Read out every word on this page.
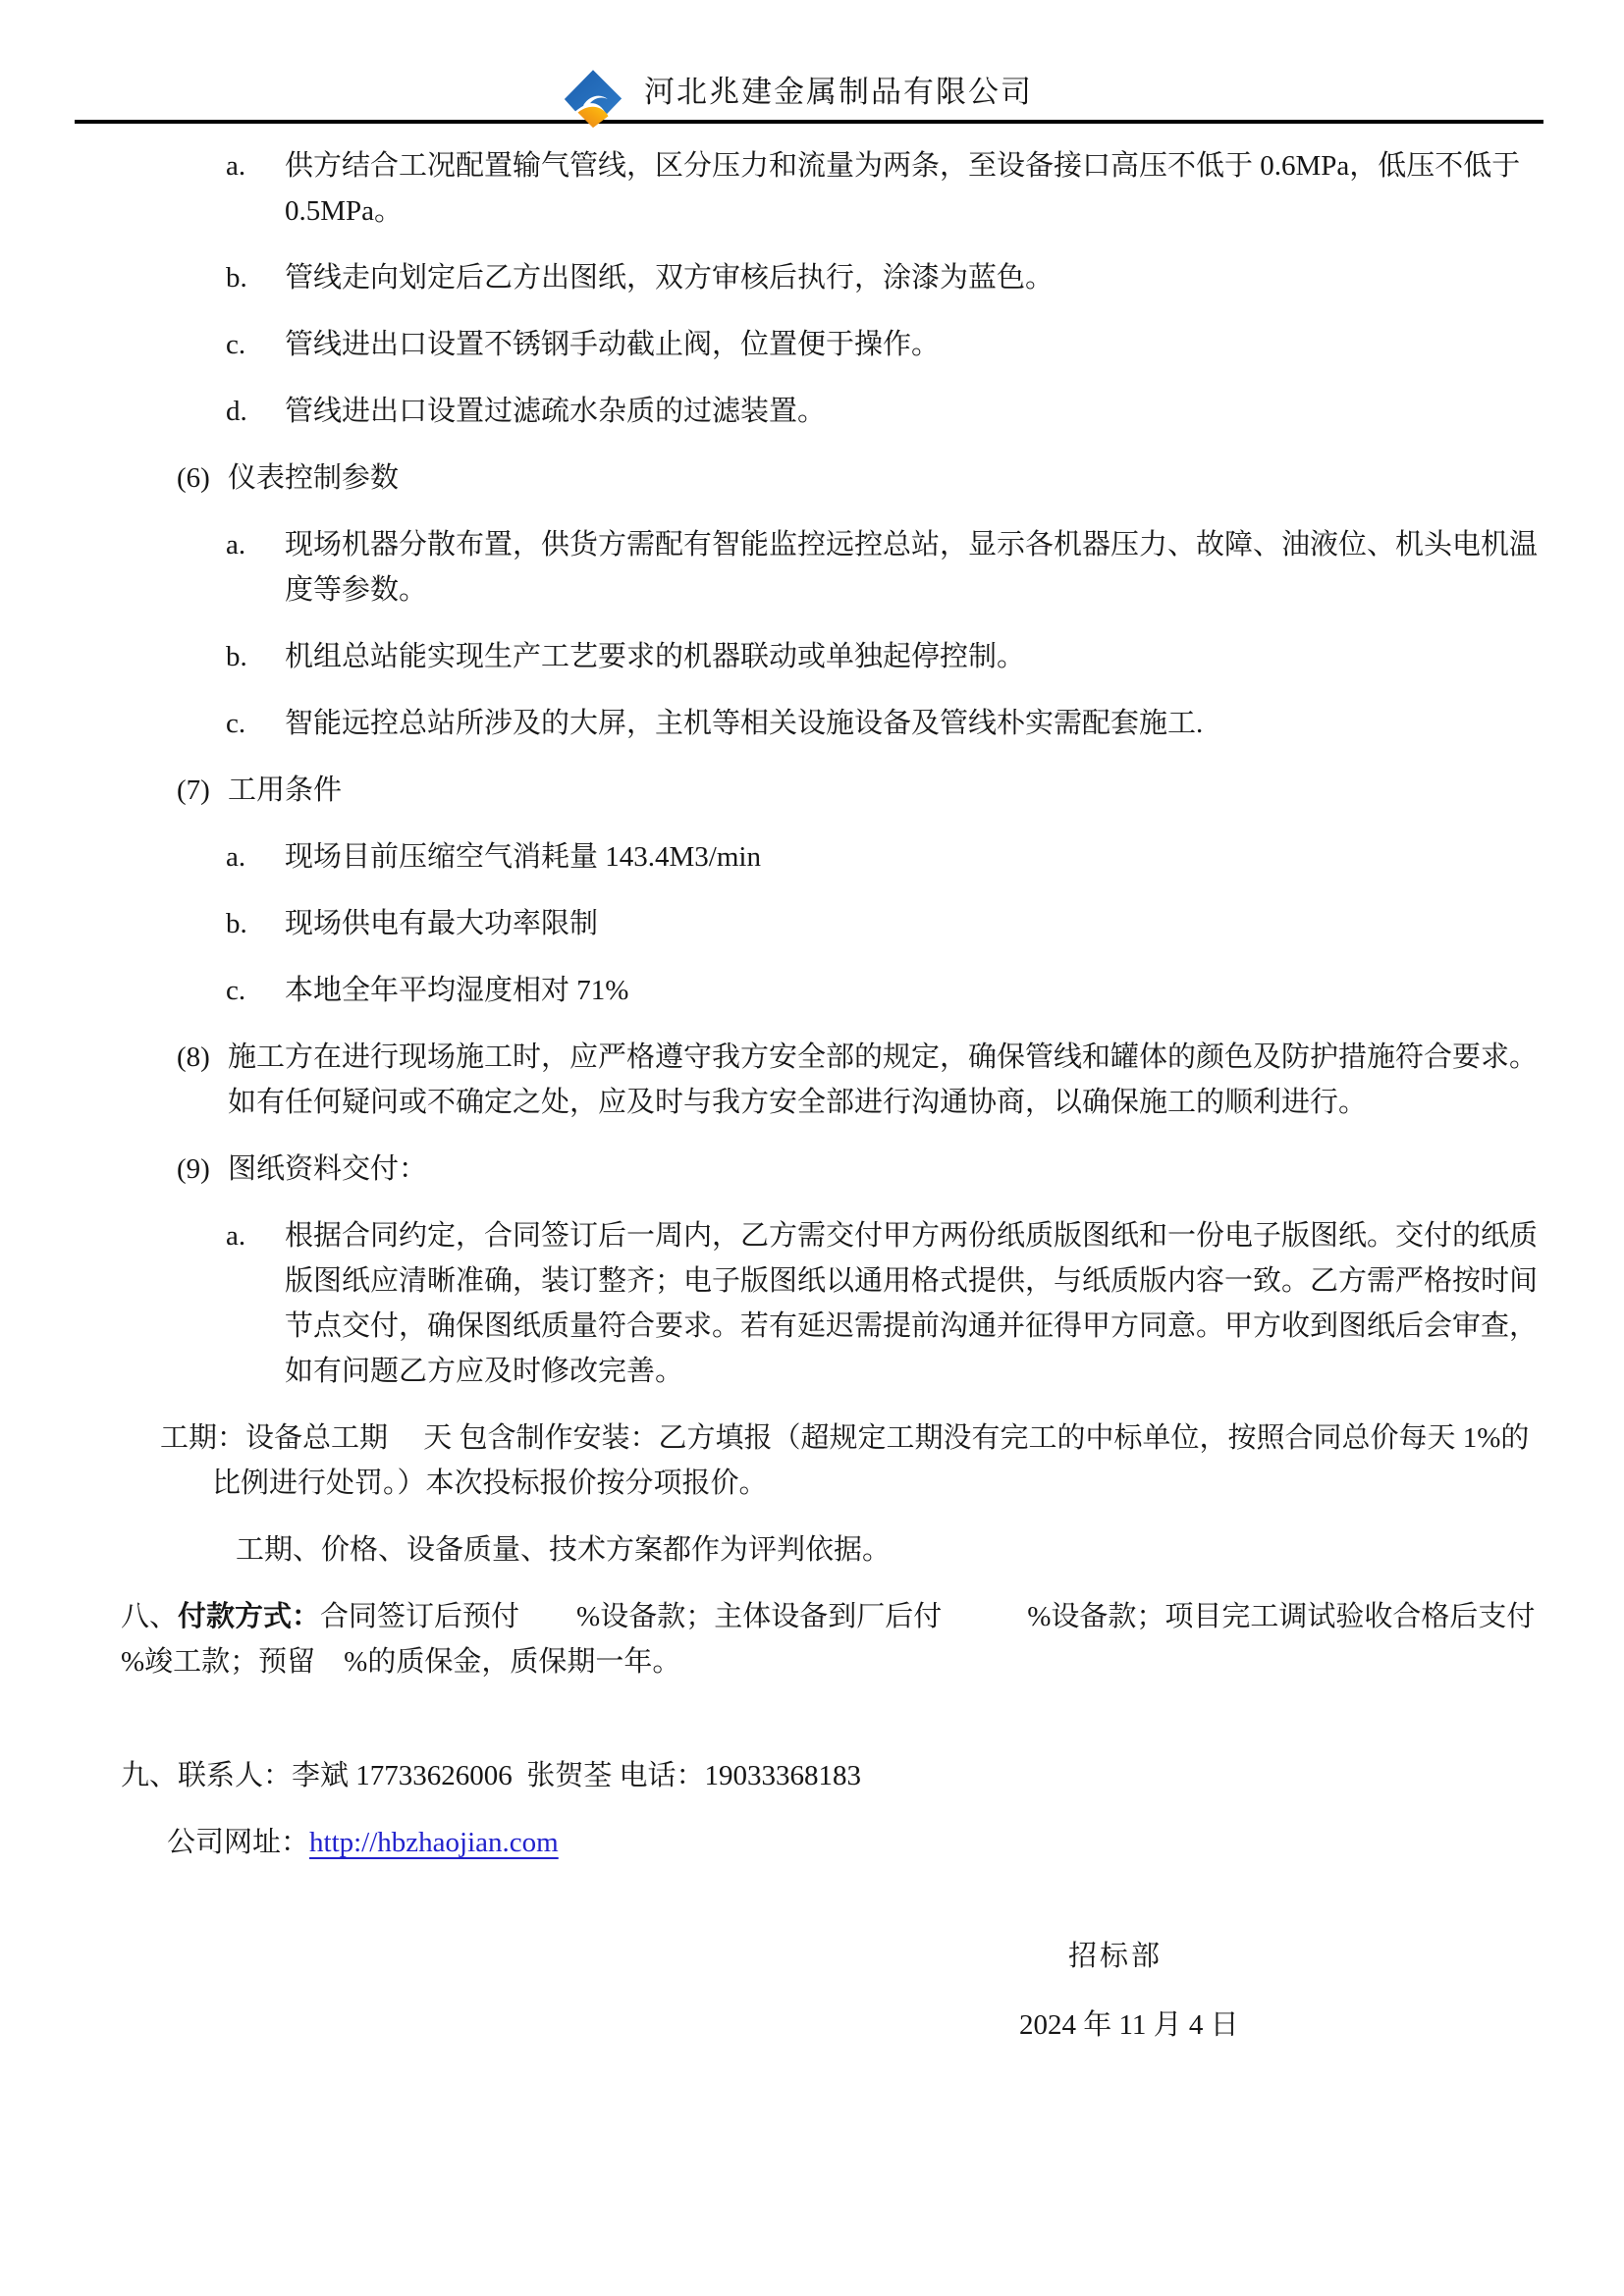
河北兆建金属制品有限公司
a.	供方结合工况配置输气管线，区分压力和流量为两条，至设备接口高压不低于 0.6MPa，低压不低于 0.5MPa。
b.	管线走向划定后乙方出图纸，双方审核后执行，涂漆为蓝色。
c.	管线进出口设置不锈钢手动截止阀，位置便于操作。
d.	管线进出口设置过滤疏水杂质的过滤装置。
(6) 仪表控制参数
a.	现场机器分散布置，供货方需配有智能监控远控总站，显示各机器压力、故障、油液位、机头电机温度等参数。
b.	机组总站能实现生产工艺要求的机器联动或单独起停控制。
c.	智能远控总站所涉及的大屏，主机等相关设施设备及管线朴实需配套施工.
(7) 工用条件
a.	现场目前压缩空气消耗量 143.4M3/min
b.	现场供电有最大功率限制
c.	本地全年平均湿度相对 71%
(8) 施工方在进行现场施工时，应严格遵守我方安全部的规定，确保管线和罐体的颜色及防护措施符合要求。如有任何疑问或不确定之处，应及时与我方安全部进行沟通协商，以确保施工的顺利进行。
(9) 图纸资料交付：
a.	根据合同约定，合同签订后一周内，乙方需交付甲方两份纸质版图纸和一份电子版图纸。交付的纸质版图纸应清晰准确，装订整齐；电子版图纸以通用格式提供，与纸质版内容一致。乙方需严格按时间节点交付，确保图纸质量符合要求。若有延迟需提前沟通并征得甲方同意。甲方收到图纸后会审查，如有问题乙方应及时修改完善。

工期：设备总工期　 天 包含制作安装：乙方填报（超规定工期没有完工的中标单位，按照合同总价每天 1%的比例进行处罚。）本次投标报价按分项报价。

工期、价格、设备质量、技术方案都作为评判依据。

八、付款方式：合同签订后预付　　%设备款；主体设备到厂后付　　　%设备款；项目完工调试验收合格后支付　%竣工款；预留　%的质保金，质保期一年。

九、联系人：李斌 17733626006  张贺荃 电话：19033368183

公司网址：http://hbzhaojian.com

招标部

2024 年 11 月 4 日
